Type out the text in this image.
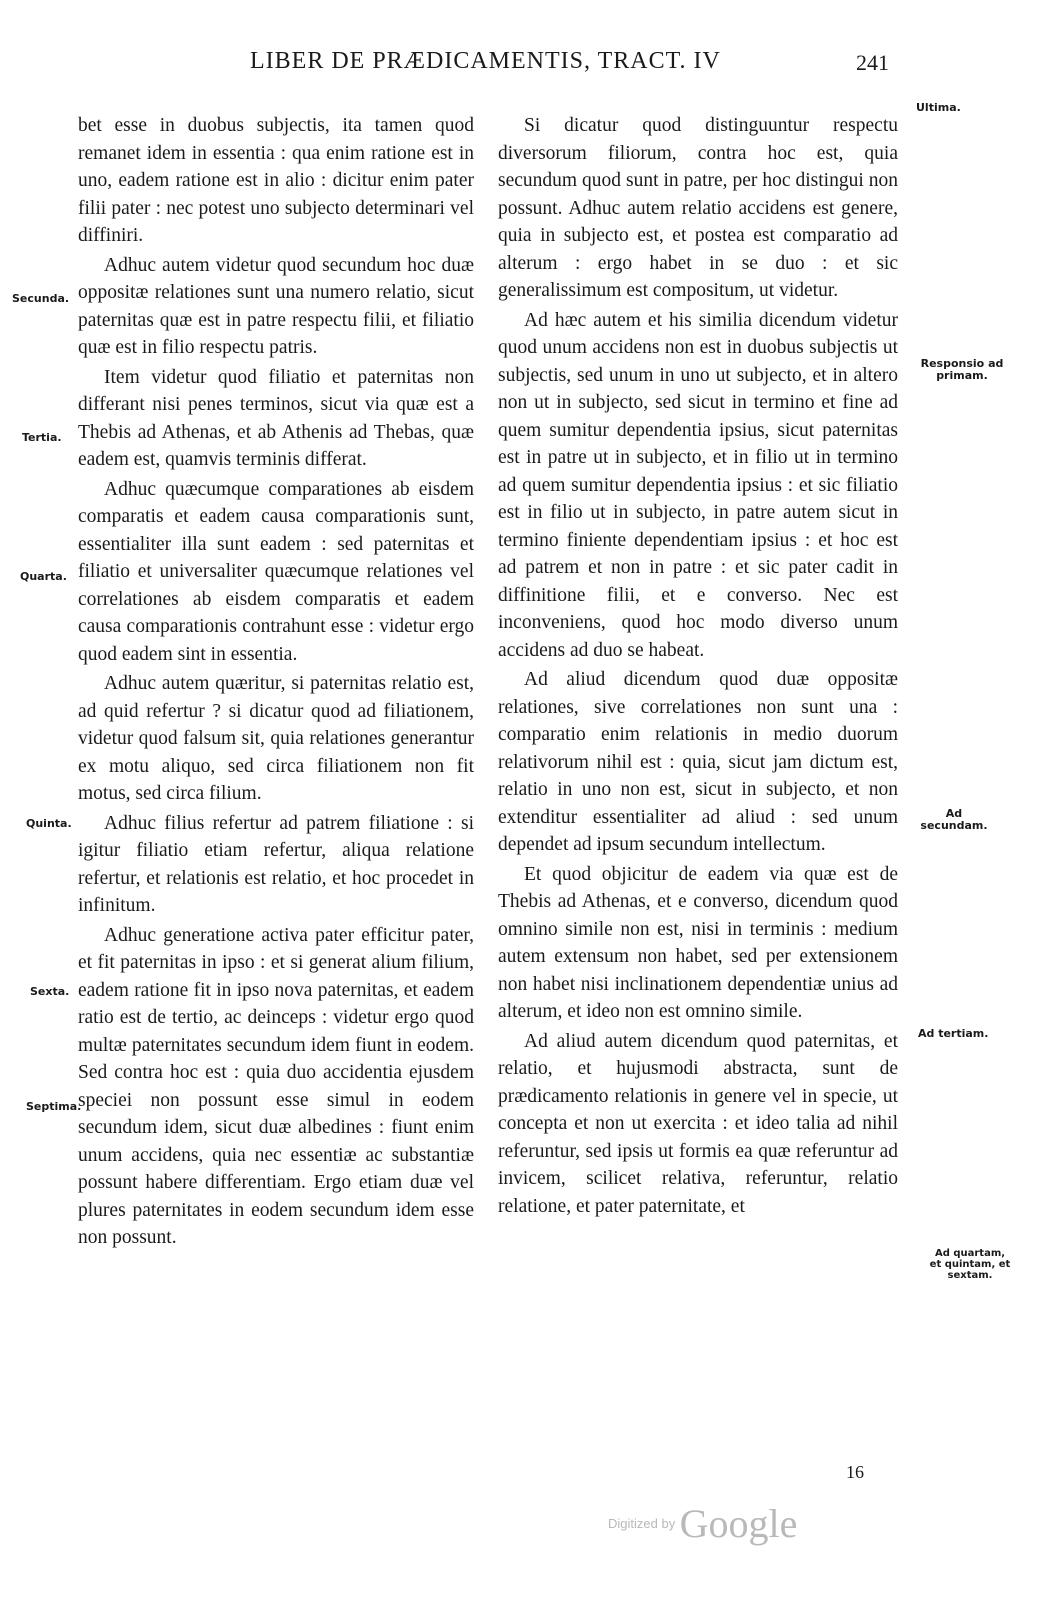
LIBER DE PRÆDICAMENTIS, TRACT. IV	241

bet esse in duobus subjectis, ita tamen quod remanet idem in essentia : qua enim ratione est in uno, eadem ratione est in alio : dicitur enim pater filii pater : nec potest uno subjecto determinari vel diffiniri.

Adhuc autem videtur quod secundum hoc duæ oppositæ relationes sunt una numero relatio, sicut paternitas quæ est in patre respectu filii, et filiatio quæ est in filio respectu patris.

Item videtur quod filiatio et paternitas non differant nisi penes terminos, sicut via quæ est a Thebis ad Athenas, et ab Athenis ad Thebas, quæ eadem est, quamvis terminis differat.

Adhuc quæcumque comparationes ab eisdem comparatis et eadem causa comparationis sunt, essentialiter illa sunt eadem : sed paternitas et filiatio et universaliter quæcumque relationes vel correlationes ab eisdem comparatis et eadem causa comparationis contrahunt esse : videtur ergo quod eadem sint in essentia.

Adhuc autem quæritur, si paternitas relatio est, ad quid refertur ? si dicatur quod ad filiationem, videtur quod falsum sit, quia relationes generantur ex motu aliquo, sed circa filiationem non fit motus, sed circa filium.

Adhuc filius refertur ad patrem filiatione : si igitur filiatio etiam refertur, aliqua relatione refertur, et relationis est relatio, et hoc procedet in infinitum.

Adhuc generatione activa pater efficitur pater, et fit paternitas in ipso : et si generat alium filium, eadem ratione fit in ipso nova paternitas, et eadem ratio est de tertio, ac deinceps : videtur ergo quod multæ paternitates secundum idem fiunt in eodem. Sed contra hoc est : quia duo accidentia ejusdem speciei non possunt esse simul in eodem secundum idem, sicut duæ albedines : fiunt enim unum accidens, quia nec essentiæ ac substantiæ possunt habere differentiam. Ergo etiam duæ vel plures paternitates in eodem secundum idem esse non possunt.

Si dicatur quod distinguuntur respectu diversorum filiorum, contra hoc est, quia secundum quod sunt in patre, per hoc distingui non possunt. Adhuc autem relatio accidens est genere, quia in subjecto est, et postea est comparatio ad alterum : ergo habet in se duo : et sic generalissimum est compositum, ut videtur.

Ad hæc autem et his similia dicendum videtur quod unum accidens non est in duobus subjectis ut subjectis, sed unum in uno ut subjecto, et in altero non ut in subjecto, sed sicut in termino et fine ad quem sumitur dependentia ipsius, sicut paternitas est in patre ut in subjecto, et in filio ut in termino ad quem sumitur dependentia ipsius : et sic filiatio est in filio ut in subjecto, in patre autem sicut in termino finiente dependentiam ipsius : et hoc est ad patrem et non in patre : et sic pater cadit in diffinitione filii, et e converso. Nec est inconveniens, quod hoc modo diverso unum accidens ad duo se habeat.

Ad aliud dicendum quod duæ oppositæ relationes, sive correlationes non sunt una : comparatio enim relationis in medio duorum relativorum nihil est : quia, sicut jam dictum est, relatio in uno non est, sicut in subjecto, et non extenditur essentialiter ad aliud : sed unum dependet ad ipsum secundum intellectum.

Et quod objicitur de eadem via quæ est de Thebis ad Athenas, et e converso, dicendum quod omnino simile non est, nisi in terminis : medium autem extensum non habet, sed per extensionem non habet nisi inclinationem dependentiæ unius ad alterum, et ideo non est omnino simile.

Ad aliud autem dicendum quod paternitas, et relatio, et hujusmodi abstracta, sunt de prædicamento relationis in genere vel in specie, ut concepta et non ut exercita : et ideo talia ad nihil referuntur, sed ipsis ut formis ea quæ referuntur ad invicem, scilicet relativa, referuntur, relatio relatione, et pater paternitate, et

Secunda.
Tertia.
Quarta.
Quinta.
Sexta.
Septima.
Ultima.
Responsio ad primam.
Ad secundam.
Ad tertiam.
Ad quartam, et quintam, et sextam.
16
Digitized by Google
